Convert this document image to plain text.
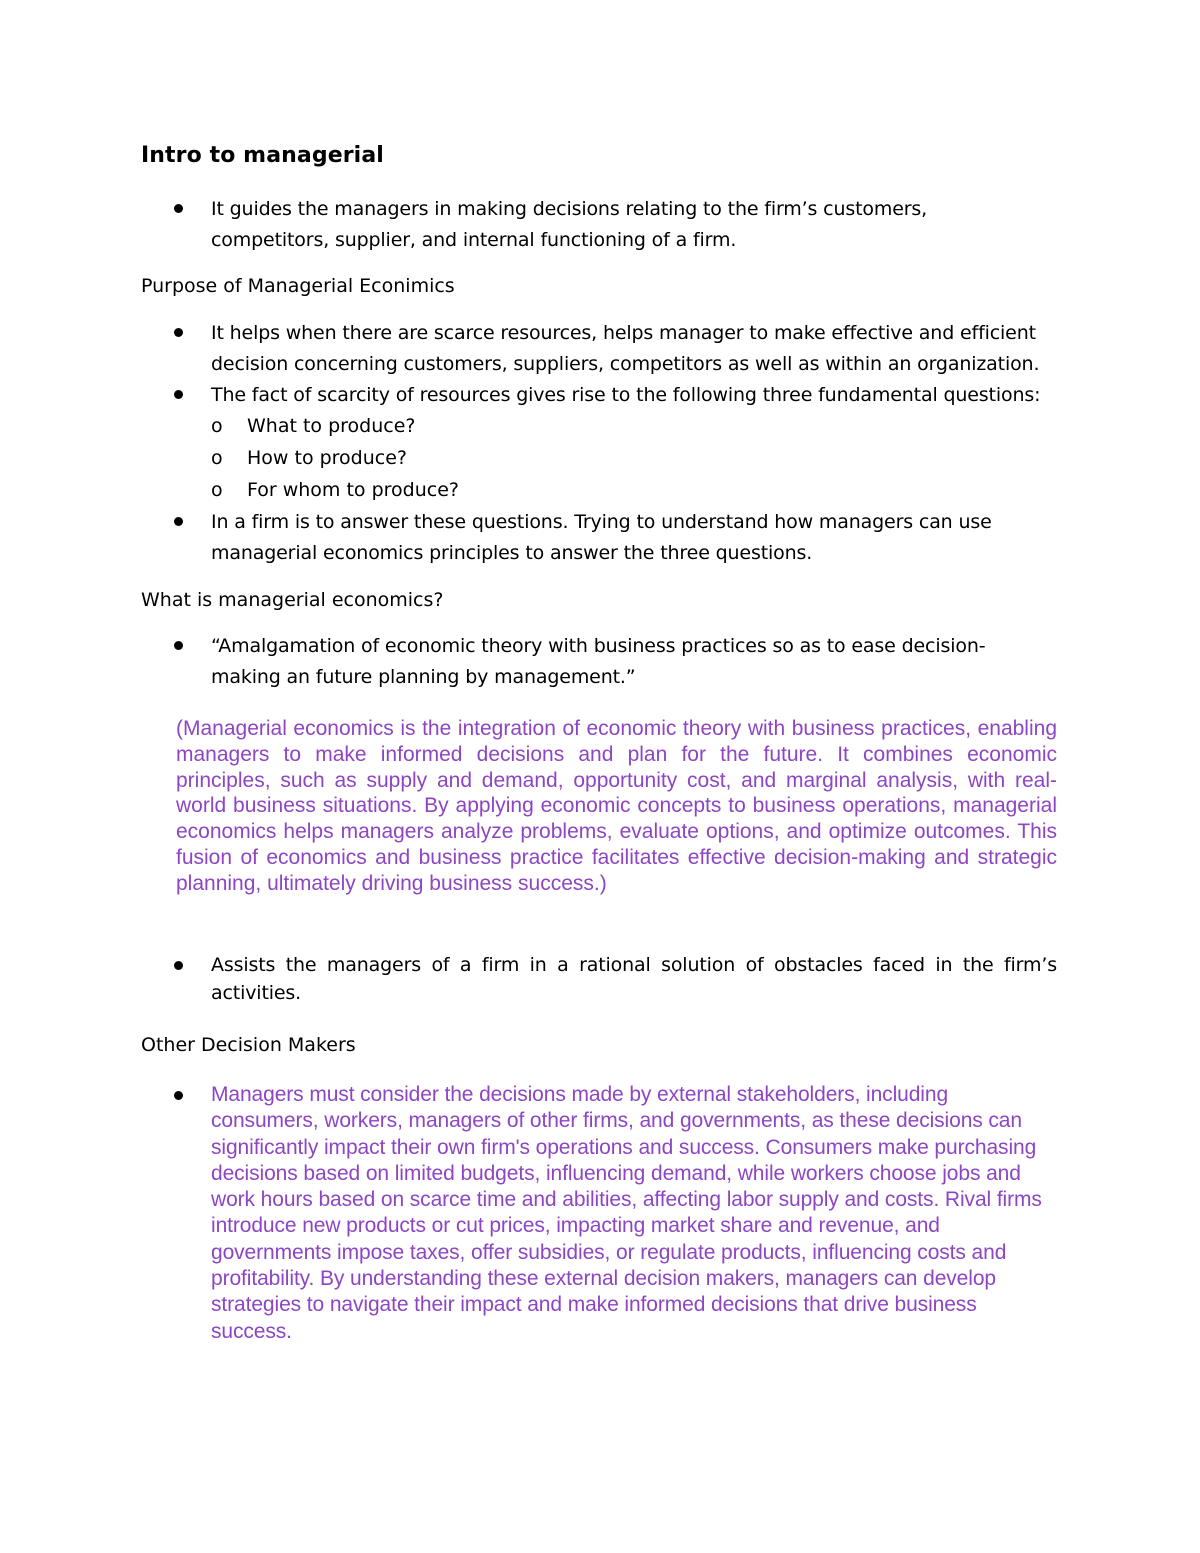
Intro to managerial
It guides the managers in making decisions relating to the firm’s customers,
competitors, supplier, and internal functioning of a firm.
Purpose of Managerial Econimics
It helps when there are scarce resources, helps manager to make effective and efficient
decision concerning customers, suppliers, competitors as well as within an organization.
The fact of scarcity of resources gives rise to the following three fundamental questions:
o What to produce?
o How to produce?
o For whom to produce?
In a firm is to answer these questions. Trying to understand how managers can use
managerial economics principles to answer the three questions.
What is managerial economics?
“Amalgamation of economic theory with business practices so as to ease decision-
making an future planning by management.”
(Managerial economics is the integration of economic theory with business practices, enabling managers to make informed decisions and plan for the future. It combines economic principles, such as supply and demand, opportunity cost, and marginal analysis, with real-world business situations. By applying economic concepts to business operations, managerial economics helps managers analyze problems, evaluate options, and optimize outcomes. This fusion of economics and business practice facilitates effective decision-making and strategic planning, ultimately driving business success.)
Assists the managers of a firm in a rational solution of obstacles faced in the firm’s activities.
Other Decision Makers
Managers must consider the decisions made by external stakeholders, including consumers, workers, managers of other firms, and governments, as these decisions can significantly impact their own firm's operations and success. Consumers make purchasing decisions based on limited budgets, influencing demand, while workers choose jobs and work hours based on scarce time and abilities, affecting labor supply and costs. Rival firms introduce new products or cut prices, impacting market share and revenue, and governments impose taxes, offer subsidies, or regulate products, influencing costs and profitability. By understanding these external decision makers, managers can develop strategies to navigate their impact and make informed decisions that drive business success.
